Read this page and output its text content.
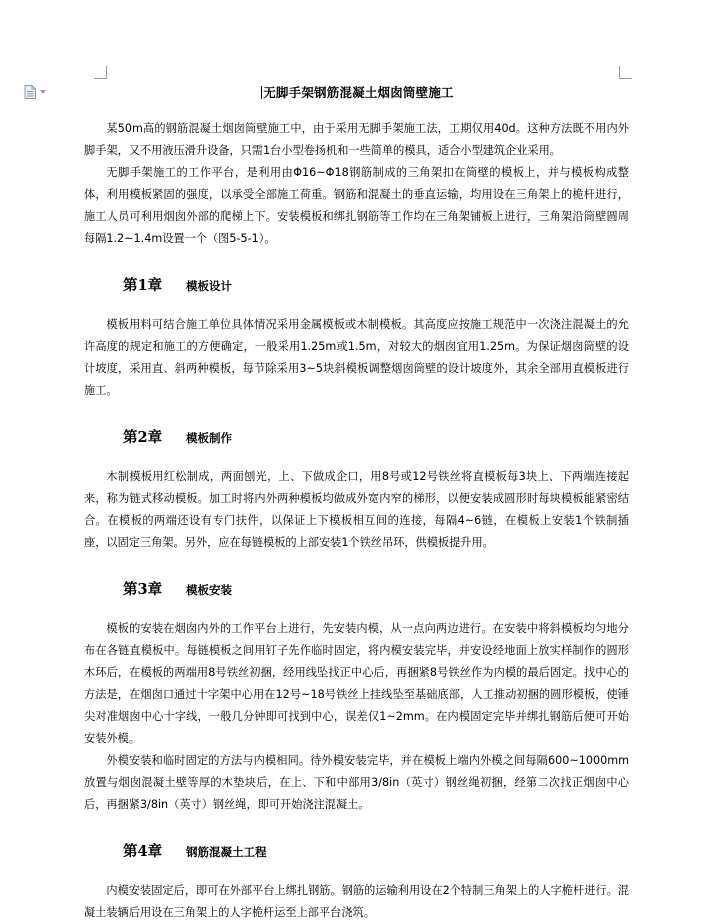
无脚手架钢筋混凝土烟囱筒壁施工

某50m高的钢筋混凝土烟囱筒壁施工中，由于采用无脚手架施工法，工期仅用40d。这种方法既不用内外脚手架，又不用液压滑升设备，只需1台小型卷扬机和一些简单的模具，适合小型建筑企业采用。

无脚手架施工的工作平台，是利用由Φ16~Φ18钢筋制成的三角架扣在筒壁的模板上，并与模板构成整体，利用模板紧固的强度，以承受全部施工荷重。钢筋和混凝土的垂直运输，均用设在三角架上的桅杆进行，施工人员可利用烟囱外部的爬梯上下。安装模板和绑扎钢筋等工作均在三角架铺板上进行，三角架沿筒壁圆周每隔1.2~1.4m设置一个（图5-5-1）。

第1章	模板设计

模板用料可结合施工单位具体情况采用金属模板或木制模板。其高度应按施工规范中一次浇注混凝土的允许高度的规定和施工的方便确定，一般采用1.25m或1.5m，对较大的烟囱宜用1.25m。为保证烟囱筒壁的设计坡度，采用直、斜两种模板，每节除采用3~5块斜模板调整烟囱筒壁的设计坡度外，其余全部用直模板进行施工。

第2章	模板制作

木制模板用红松制成，两面刨光，上、下做成企口，用8号或12号铁丝将直模板每3块上、下两端连接起来，称为链式移动模板。加工时将内外两种模板均做成外宽内窄的梯形，以便安装成圆形时每块模板能紧密结合。在模板的两端还设有专门扶件，以保证上下模板相互间的连接，每隔4~6链，在模板上安装1个铁制插座，以固定三角架。另外，应在每链模板的上部安装1个铁丝吊环，供模板提升用。

第3章	模板安装

模板的安装在烟囱内外的工作平台上进行，先安装内模，从一点向两边进行。在安装中将斜模板均匀地分布在各链直模板中。每链模板之间用钉子先作临时固定，将内模安装完毕，并安设经地面上放实样制作的圆形木环后，在模板的两端用8号铁丝初捆，经用线坠找正中心后，再捆紧8号铁丝作为内模的最后固定。找中心的方法是，在烟囱口通过十字架中心用在12号~18号铁丝上挂线坠至基础底部，人工推动初捆的圆形模板，使锤尖对准烟囱中心十字线，一般几分钟即可找到中心，误差仅1~2mm。在内模固定完毕并绑扎钢筋后便可开始安装外模。

外模安装和临时固定的方法与内模相同。待外模安装完毕，并在模板上端内外模之间每隔600~1000mm放置与烟囱混凝土壁等厚的木垫块后，在上、下和中部用3/8in（英寸）钢丝绳初捆，经第二次找正烟囱中心后，再捆紧3/8in（英寸）钢丝绳，即可开始浇注混凝土。

第4章	钢筋混凝土工程

内模安装固定后，即可在外部平台上绑扎钢筋。钢筋的运输利用设在2个特制三角架上的人字桅杆进行。混凝土装辆后用设在三角架上的人字桅杆运至上部平台浇筑。
